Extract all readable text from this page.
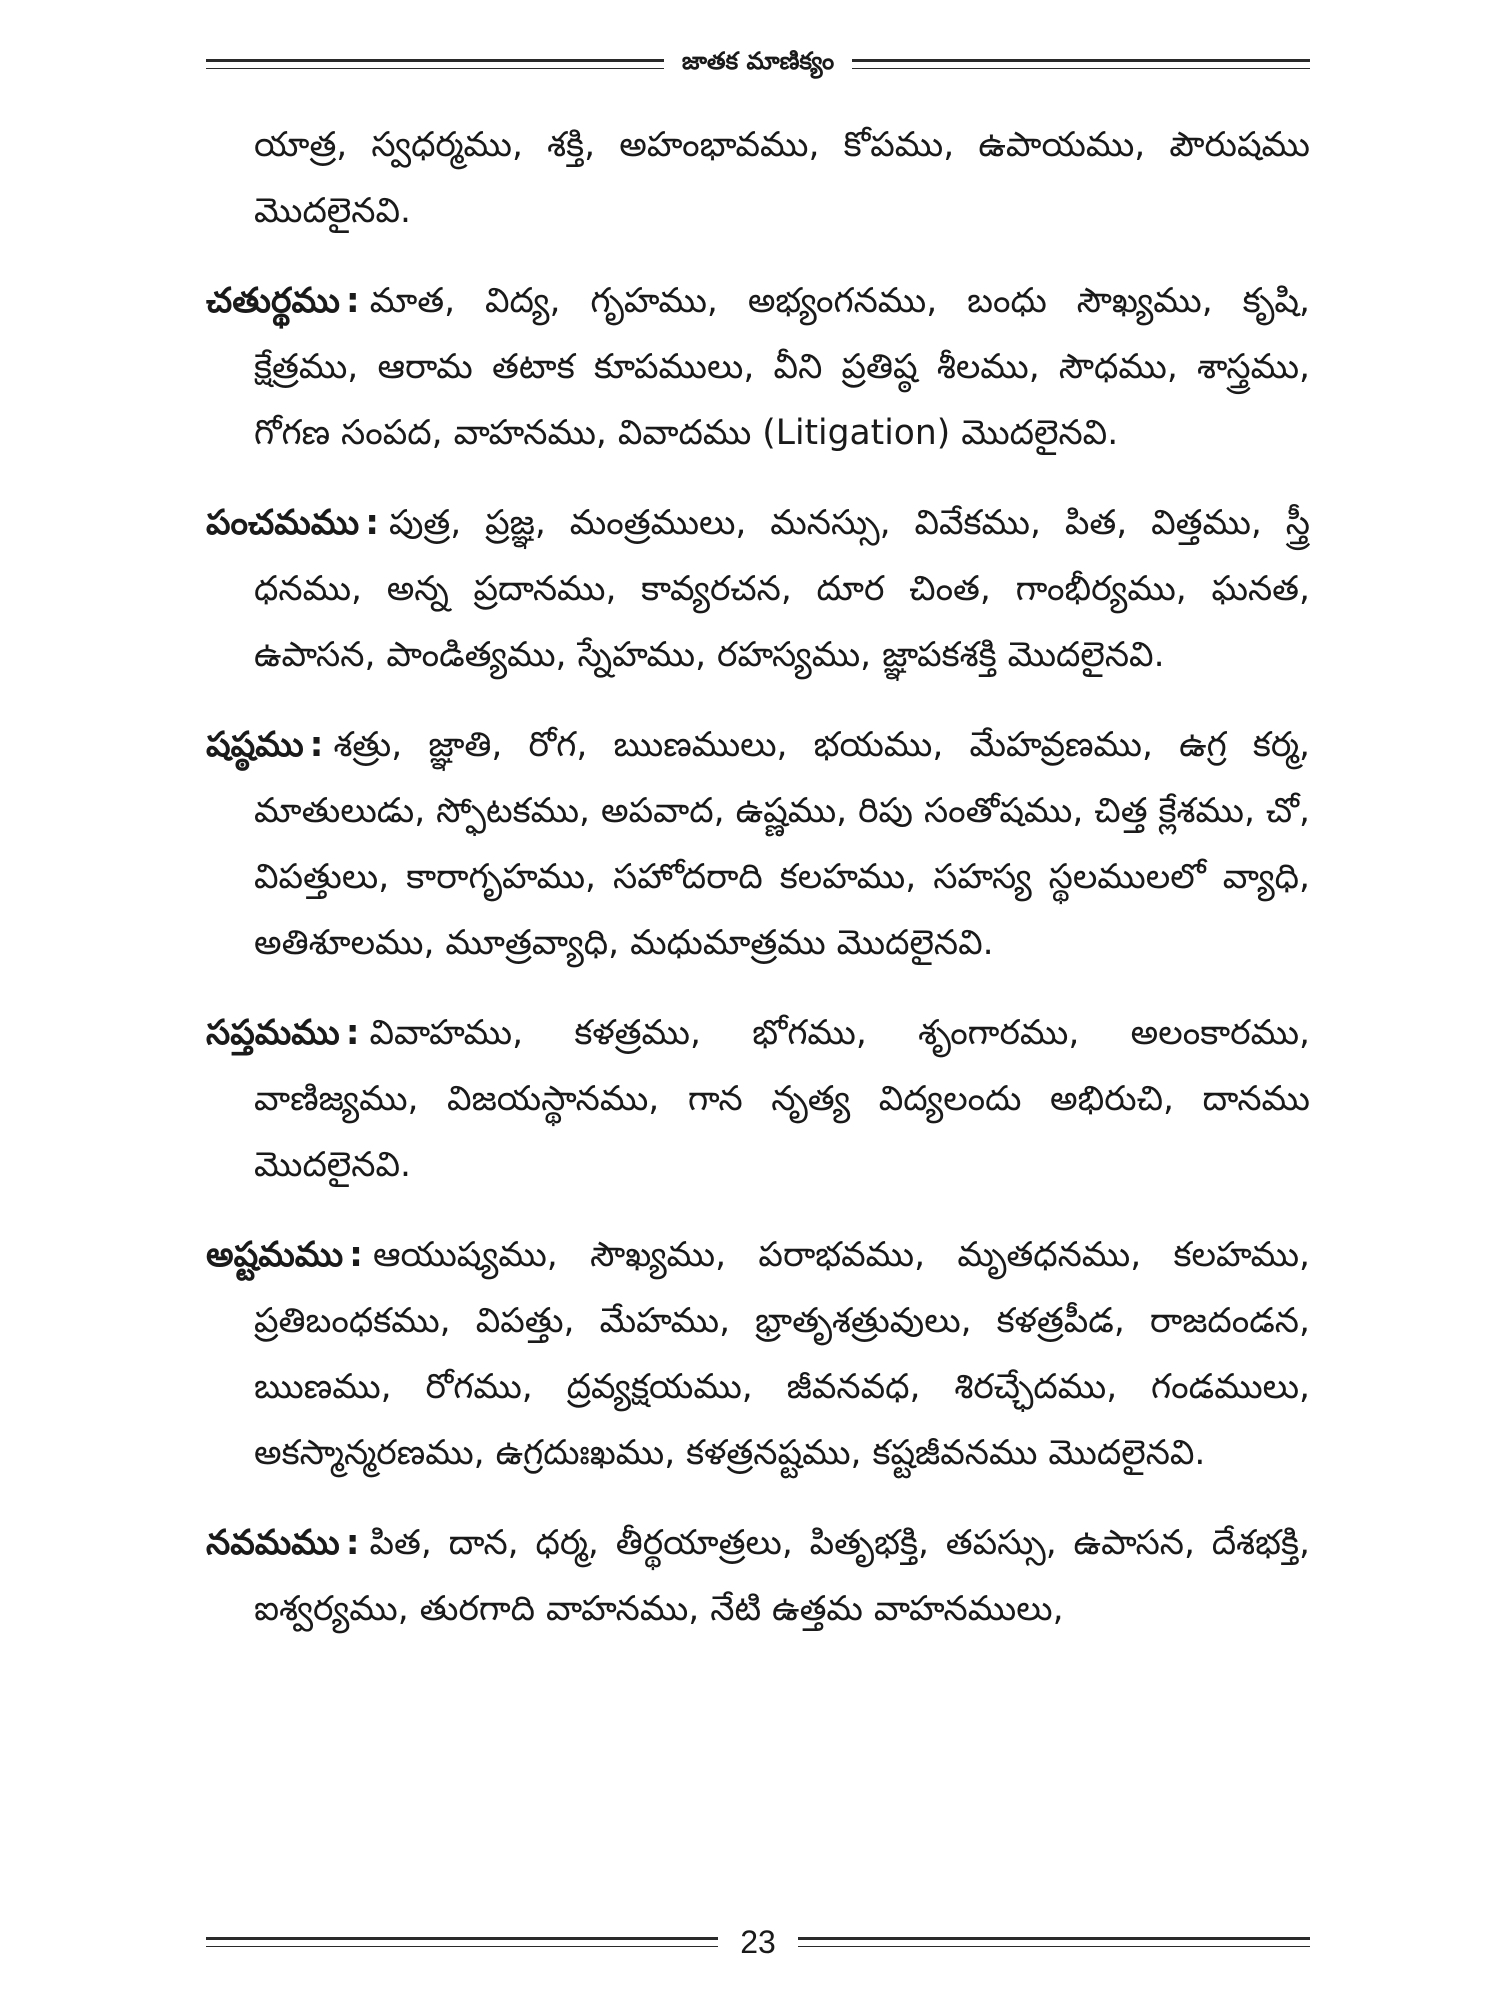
జాతక మాణిక్యం

యాత్ర, స్వధర్మము, శక్తి, అహంభావము, కోపము, ఉపాయము, పౌరుషము మొదలైనవి.

చతుర్థము : మాత, విద్య, గృహము, అభ్యంగనము, బంధు సౌఖ్యము, కృషి, క్షేత్రము, ఆరామ తటాక కూపములు, వీని ప్రతిష్ఠ శీలము, సౌధము, శాస్త్రము, గోగణ సంపద, వాహనము, వివాదము (Litigation) మొదలైనవి.

పంచమము : పుత్ర, ప్రజ్ఞ, మంత్రములు, మనస్సు, వివేకము, పిత, విత్తము, స్త్రీ ధనము, అన్న ప్రదానము, కావ్యరచన, దూర చింత, గాంభీర్యము, ఘనత, ఉపాసన, పాండిత్యము, స్నేహము, రహస్యము, జ్ఞాపకశక్తి మొదలైనవి.

షష్ఠము : శత్రు, జ్ఞాతి, రోగ, ఋణములు, భయము, మేహవ్రణము, ఉగ్ర కర్మ, మాతులుడు, స్ఫోటకము, అపవాద, ఉష్ణము, రిపు సంతోషము, చిత్త క్లేశము, చో, విపత్తులు, కారాగృహము, సహోదరాది కలహము, సహస్య స్థలములలో వ్యాధి, అతిశూలము, మూత్రవ్యాధి, మధుమాత్రము మొదలైనవి.

సప్తమము : వివాహము, కళత్రము, భోగము, శృంగారము, అలంకారము, వాణిజ్యము, విజయస్థానము, గాన నృత్య విద్యలందు అభిరుచి, దానము మొదలైనవి.

అష్టమము : ఆయుష్యము, సౌఖ్యము, పరాభవము, మృతధనము, కలహము, ప్రతిబంధకము, విపత్తు, మేహము, భ్రాతృశత్రువులు, కళత్రపీడ, రాజదండన, ఋణము, రోగము, ద్రవ్యక్షయము, జీవనవధ, శిరచ్ఛేదము, గండములు, అకస్మాన్మరణము, ఉగ్రదుఃఖము, కళత్రనష్టము, కష్టజీవనము మొదలైనవి.

నవమము : పిత, దాన, ధర్మ, తీర్థయాత్రలు, పితృభక్తి, తపస్సు, ఉపాసన, దేశభక్తి, ఐశ్వర్యము, తురగాది వాహనము, నేటి ఉత్తమ వాహనములు,

23
